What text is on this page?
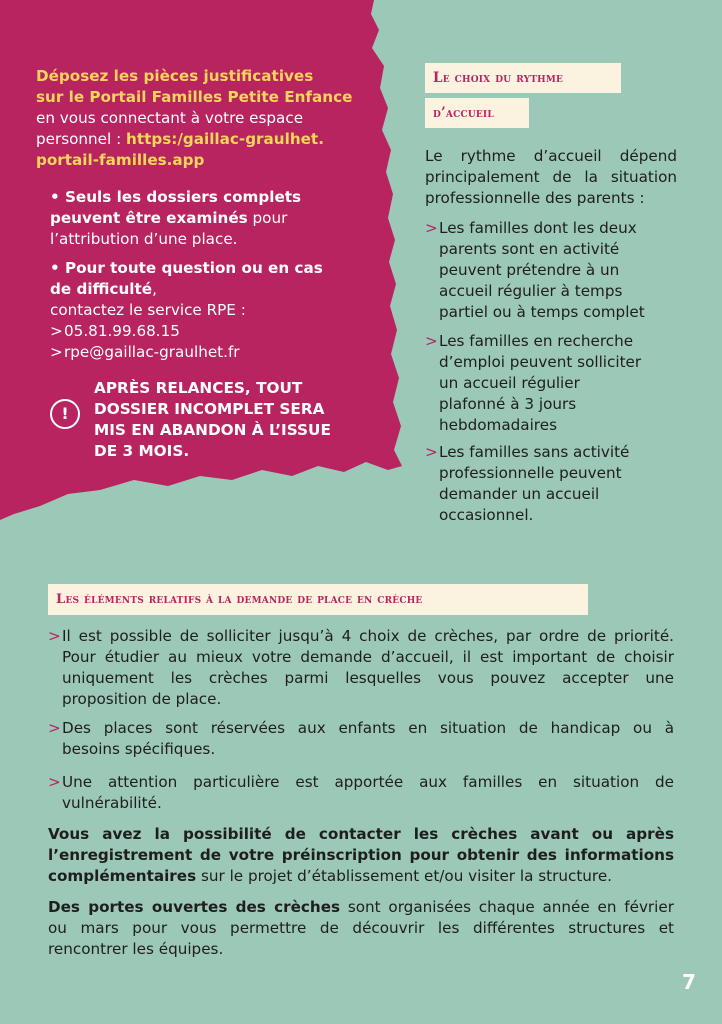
Déposez les pièces justificatives
sur le Portail Familles Petite Enfance
en vous connectant à votre espace
personnel : https:/gaillac-graulhet.
portail-familles.app
• Seuls les dossiers complets
peuvent être examinés pour
l’attribution d’une place.
• Pour toute question ou en cas
de difficulté,
contactez le service RPE :
> 05.81.99.68.15
> rpe@gaillac-graulhet.fr
!
APRÈS RELANCES, TOUT
DOSSIER INCOMPLET SERA
MIS EN ABANDON À L’ISSUE
DE 3 MOIS.
Le choix du rythme
d’accueil
Le rythme d’accueil dépend
principalement de la situation
professionnelle des parents :
> Les familles dont les deux
parents sont en activité
peuvent prétendre à un
accueil régulier à temps
partiel ou à temps complet
> Les familles en recherche
d’emploi peuvent solliciter
un accueil régulier
plafonné à 3 jours
hebdomadaires
> Les familles sans activité
professionnelle peuvent
demander un accueil
occasionnel.
Les éléments relatifs à la demande de place en crèche
> Il est possible de solliciter jusqu’à 4 choix de crèches, par ordre de priorité.
Pour étudier au mieux votre demande d’accueil, il est important de choisir
uniquement les crèches parmi lesquelles vous pouvez accepter une
proposition de place.
> Des places sont réservées aux enfants en situation de handicap ou à
besoins spécifiques.
> Une attention particulière est apportée aux familles en situation de
vulnérabilité.
Vous avez la possibilité de contacter les crèches avant ou après
l’enregistrement de votre préinscription pour obtenir des informations
complémentaires sur le projet d’établissement et/ou visiter la structure.
Des portes ouvertes des crèches sont organisées chaque année en février
ou mars pour vous permettre de découvrir les différentes structures et
rencontrer les équipes.
7
